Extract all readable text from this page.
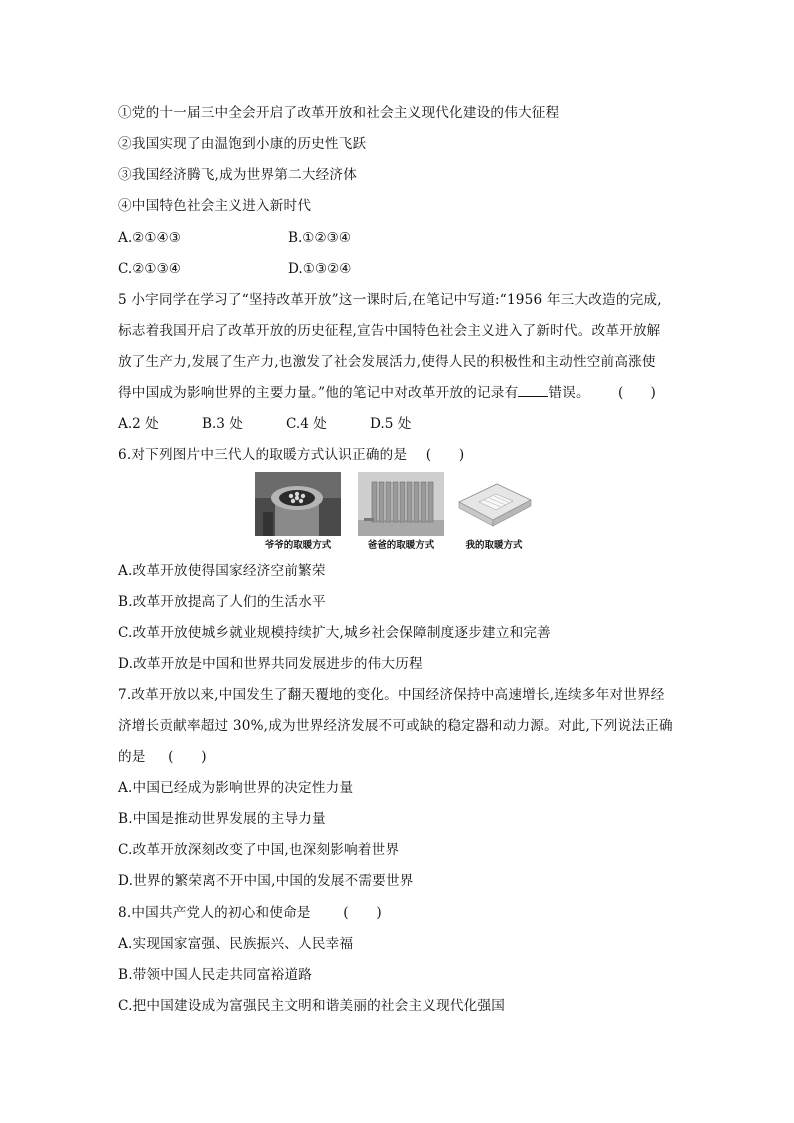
①党的十一届三中全会开启了改革开放和社会主义现代化建设的伟大征程
②我国实现了由温饱到小康的历史性飞跃
③我国经济腾飞,成为世界第二大经济体
④中国特色社会主义进入新时代
A.②①④③	B.①②③④
C.②①③④	D.①③②④
5 小宇同学在学习了“坚持改革开放”这一课时后,在笔记中写道:“1956 年三大改造的完成,
标志着我国开启了改革开放的历史征程,宣告中国特色社会主义进入了新时代。改革开放解
放了生产力,发展了生产力,也激发了社会发展活力,使得人民的积极性和主动性空前高涨使
得中国成为影响世界的主要力量。”他的笔记中对改革开放的记录有 错误。 (　　)
A.2 处	B.3 处	C.4 处	D.5 处
6.对下列图片中三代人的取暖方式认识正确的是 (　　)
爷爷的取暖方式	爸爸的取暖方式	我的取暖方式
A.改革开放使得国家经济空前繁荣
B.改革开放提高了人们的生活水平
C.改革开放使城乡就业规模持续扩大,城乡社会保障制度逐步建立和完善
D.改革开放是中国和世界共同发展进步的伟大历程
7.改革开放以来,中国发生了翻天覆地的变化。中国经济保持中高速增长,连续多年对世界经
济增长贡献率超过 30%,成为世界经济发展不可或缺的稳定器和动力源。对此,下列说法正确
的是 (　　)
A.中国已经成为影响世界的决定性力量
B.中国是推动世界发展的主导力量
C.改革开放深刻改变了中国,也深刻影响着世界
D.世界的繁荣离不开中国,中国的发展不需要世界
8.中国共产党人的初心和使命是 (　　)
A.实现国家富强、民族振兴、人民幸福
B.带领中国人民走共同富裕道路
C.把中国建设成为富强民主文明和谐美丽的社会主义现代化强国
